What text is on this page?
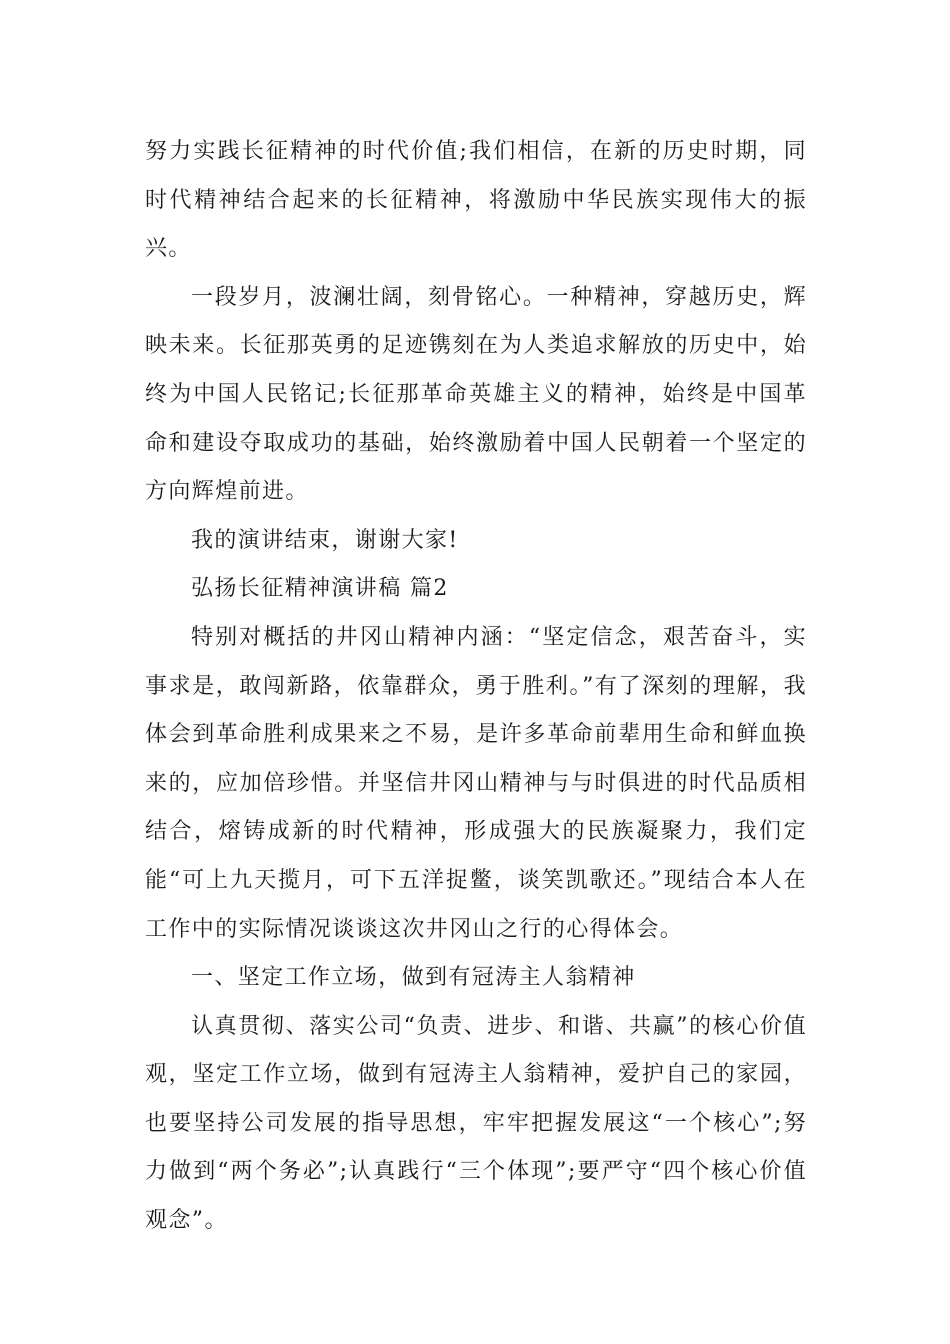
努力实践长征精神的时代价值;我们相信，在新的历史时期，同时代精神结合起来的长征精神，将激励中华民族实现伟大的振兴。

一段岁月，波澜壮阔，刻骨铭心。一种精神，穿越历史，辉映未来。长征那英勇的足迹镌刻在为人类追求解放的历史中，始终为中国人民铭记;长征那革命英雄主义的精神，始终是中国革命和建设夺取成功的基础，始终激励着中国人民朝着一个坚定的方向辉煌前进。

我的演讲结束，谢谢大家!

弘扬长征精神演讲稿 篇2

特别对概括的井冈山精神内涵：“坚定信念，艰苦奋斗，实事求是，敢闯新路，依靠群众，勇于胜利。”有了深刻的理解，我体会到革命胜利成果来之不易，是许多革命前辈用生命和鲜血换来的，应加倍珍惜。并坚信井冈山精神与与时俱进的时代品质相结合，熔铸成新的时代精神，形成强大的民族凝聚力，我们定能“可上九天揽月，可下五洋捉鳖，谈笑凯歌还。”现结合本人在工作中的实际情况谈谈这次井冈山之行的心得体会。

一、坚定工作立场，做到有冠涛主人翁精神

认真贯彻、落实公司“负责、进步、和谐、共赢”的核心价值观，坚定工作立场，做到有冠涛主人翁精神，爱护自己的家园，也要坚持公司发展的指导思想，牢牢把握发展这“一个核心”;努力做到“两个务必”;认真践行“三个体现”;要严守“四个核心价值观念”。
